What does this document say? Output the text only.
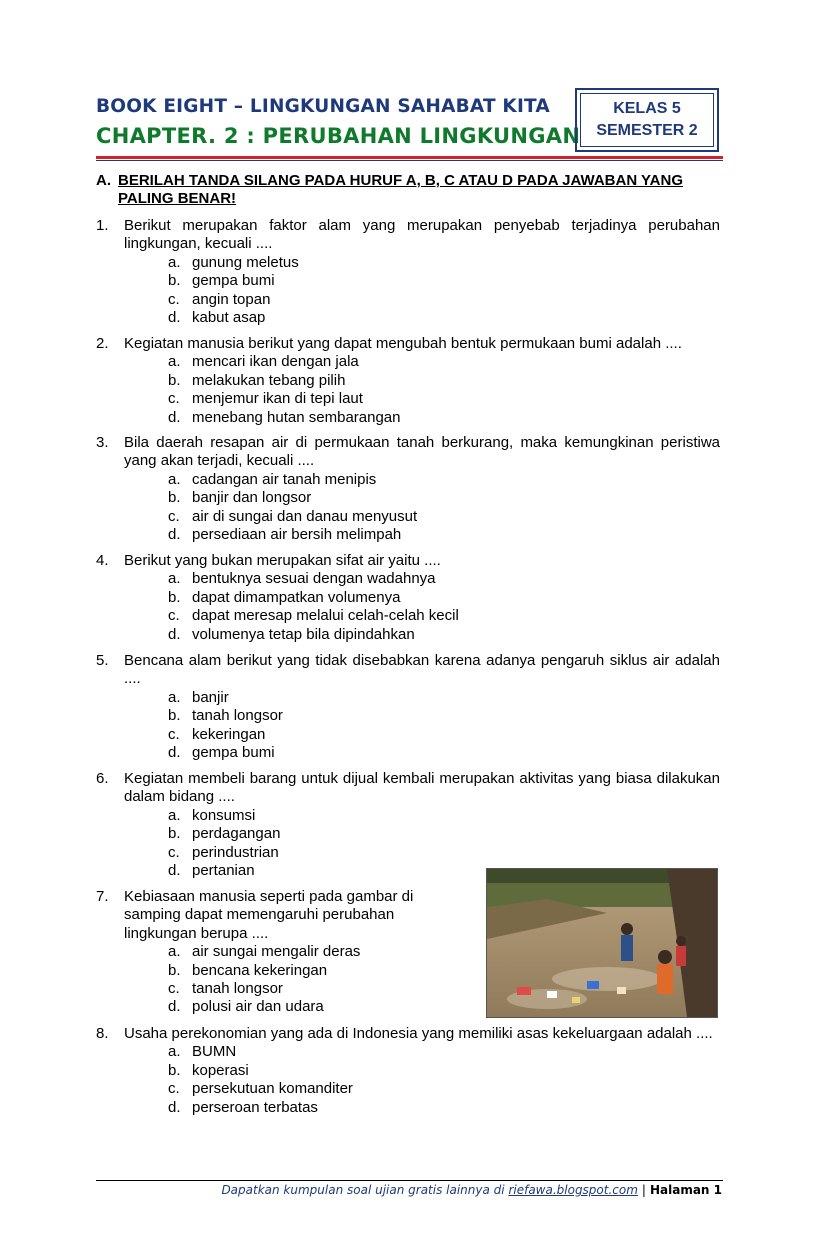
BOOK EIGHT – LINGKUNGAN SAHABAT KITA
CHAPTER. 2 : PERUBAHAN LINGKUNGAN
KELAS 5
SEMESTER 2
A. BERILAH TANDA SILANG PADA HURUF A, B, C ATAU D PADA JAWABAN YANG PALING BENAR!
1. Berikut merupakan faktor alam yang merupakan penyebab terjadinya perubahan lingkungan, kecuali ....
a. gunung meletus
b. gempa bumi
c. angin topan
d. kabut asap
2. Kegiatan manusia berikut yang dapat mengubah bentuk permukaan bumi adalah ....
a. mencari ikan dengan jala
b. melakukan tebang pilih
c. menjemur ikan di tepi laut
d. menebang hutan sembarangan
3. Bila daerah resapan air di permukaan tanah berkurang, maka kemungkinan peristiwa yang akan terjadi, kecuali ....
a. cadangan air tanah menipis
b. banjir dan longsor
c. air di sungai dan danau menyusut
d. persediaan air bersih melimpah
4. Berikut yang bukan merupakan sifat air yaitu ....
a. bentuknya sesuai dengan wadahnya
b. dapat dimampatkan volumenya
c. dapat meresap melalui celah-celah kecil
d. volumenya tetap bila dipindahkan
5. Bencana alam berikut yang tidak disebabkan karena adanya pengaruh siklus air adalah ....
a. banjir
b. tanah longsor
c. kekeringan
d. gempa bumi
6. Kegiatan membeli barang untuk dijual kembali merupakan aktivitas yang biasa dilakukan dalam bidang ....
a. konsumsi
b. perdagangan
c. perindustrian
d. pertanian
7. Kebiasaan manusia seperti pada gambar di samping dapat memengaruhi perubahan lingkungan berupa ....
a. air sungai mengalir deras
b. bencana kekeringan
c. tanah longsor
d. polusi air dan udara
8. Usaha perekonomian yang ada di Indonesia yang memiliki asas kekeluargaan adalah ....
a. BUMN
b. koperasi
c. persekutuan komanditer
d. perseroan terbatas
Dapatkan kumpulan soal ujian gratis lainnya di riefawa.blogspot.com | Halaman 1
